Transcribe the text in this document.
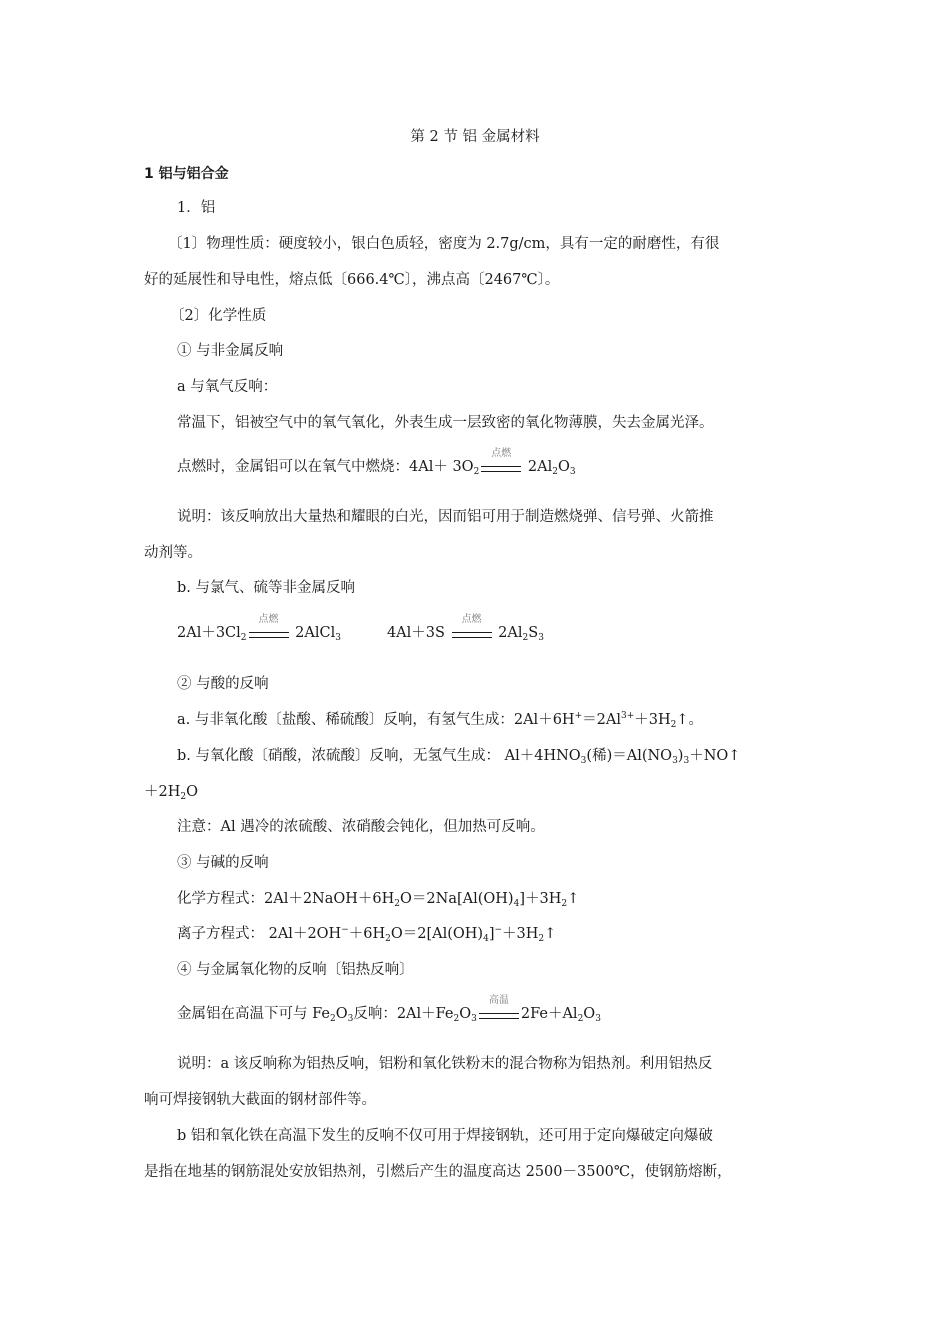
第 2 节 铝 金属材料
1 铝与铝合金
1．铝
〔1〕物理性质：硬度较小，银白色质轻，密度为 2.7g/cm，具有一定的耐磨性，有很
好的延展性和导电性，熔点低〔666.4℃〕，沸点高〔2467℃〕。
〔2〕化学性质
① 与非金属反响
a 与氧气反响：
常温下，铝被空气中的氧气氧化，外表生成一层致密的氧化物薄膜，失去金属光泽。
点燃时，金属铝可以在氧气中燃烧：$4Al+ 3O_2$
点燃
$2Al_2O_3$
说明：该反响放出大量热和耀眼的白光，因而铝可用于制造燃烧弹、信号弹、火箭推
动剂等。
b. 与氯气、硫等非金属反响
$2Al+3Cl_2$
点燃
2AlCl$_3$	4Al＋3S
点燃
$2Al_2S_3$
② 与酸的反响
a. 与非氧化酸〔盐酸、稀硫酸〕反响，有氢气生成：$2Al+6H^+=2Al^{3+}+3H_2↑$。
b. 与氧化酸〔硝酸，浓硫酸〕反响，无氢气生成： $Al+4HNO_3$(稀)$=Al(NO_3)_3+NO↑$
$+2H_2O$
注意：Al 遇冷的浓硫酸、浓硝酸会钝化，但加热可反响。
③ 与碱的反响
化学方程式：$2Al+2NaOH+6H_2O=2Na[Al(OH)_4]+3H_2↑$
离子方程式： $2Al+2OH^-+6H_2O=2[Al(OH)_4]^-+3H_2↑$
④ 与金属氧化物的反响〔铝热反响〕
金属铝在高温下可与 $Fe_2O_3$反响：$2Al+Fe_2O_3$
高温
$2Fe+Al_2O_3$
说明：a 该反响称为铝热反响，铝粉和氧化铁粉末的混合物称为铝热剂。利用铝热反
响可焊接钢轨大截面的钢材部件等。
b 铝和氧化铁在高温下发生的反响不仅可用于焊接钢轨，还可用于定向爆破定向爆破
是指在地基的钢筋混处安放铝热剂，引燃后产生的温度高达 2500－3500℃，使钢筋熔断，
